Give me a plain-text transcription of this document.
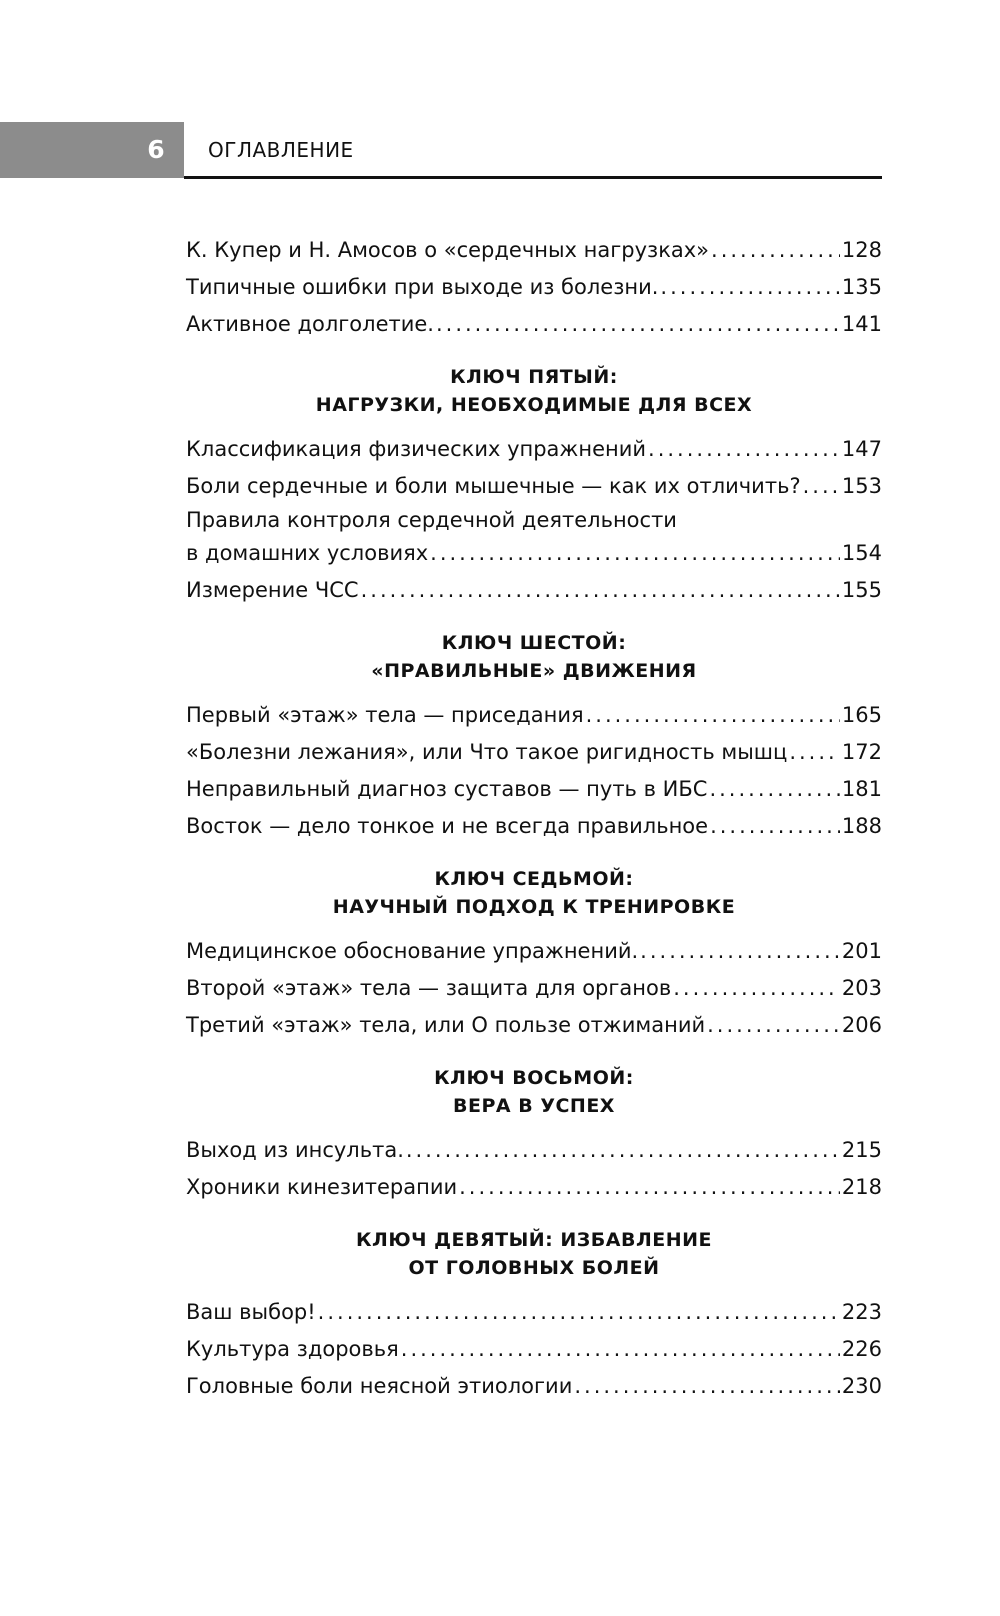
6	ОГЛАВЛЕНИЕ
К. Купер и Н. Амосов о «сердечных нагрузках» .....	128
Типичные ошибки при выходе из болезни. .....	135
Активное долголетие. .....	141
КЛЮЧ ПЯТЫЙ:
НАГРУЗКИ, НЕОБХОДИМЫЕ ДЛЯ ВСЕХ
Классификация физических упражнений .....	147
Боли сердечные и боли мышечные — как их отличить? ..... 153
Правила контроля сердечной деятельности
в домашних условиях .....	154
Измерение ЧСС .....	155
КЛЮЧ ШЕСТОЙ:
«ПРАВИЛЬНЫЕ» ДВИЖЕНИЯ
Первый «этаж» тела — приседания .....	165
«Болезни лежания», или Что такое ригидность мышц .....	172
Неправильный диагноз суставов — путь в ИБС .....	181
Восток — дело тонкое и не всегда правильное .....	188
КЛЮЧ СЕДЬМОЙ:
НАУЧНЫЙ ПОДХОД К ТРЕНИРОВКЕ
Медицинское обоснование упражнений. .....	201
Второй «этаж» тела — защита для органов .....	203
Третий «этаж» тела, или О пользе отжиманий .....	206
КЛЮЧ ВОСЬМОЙ:
ВЕРА В УСПЕХ
Выход из инсульта. .....	215
Хроники кинезитерапии .....	218
КЛЮЧ ДЕВЯТЫЙ: ИЗБАВЛЕНИЕ
ОТ ГОЛОВНЫХ БОЛЕЙ
Ваш выбор! .....	223
Культура здоровья .....	226
Головные боли неясной этиологии .....	230
